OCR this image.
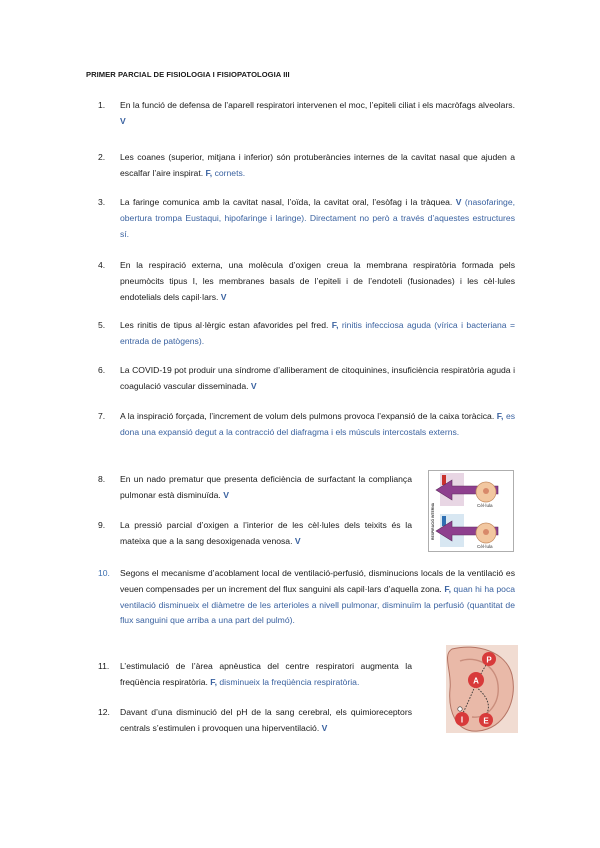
PRIMER PARCIAL DE FISIOLOGIA I FISIOPATOLOGIA III
1.	En la funció de defensa de l’aparell respiratori intervenen el moc, l’epiteli ciliat i els macròfags alveolars. V
2.	Les coanes (superior, mitjana i inferior) són protuberàncies internes de la cavitat nasal que ajuden a escalfar l’aire inspirat. F, cornets.
3.	La faringe comunica amb la cavitat nasal, l’oïda, la cavitat oral, l’esòfag i la tràquea. V (nasofaringe, obertura trompa Eustaqui, hipofaringe i laringe). Directament no però a través d’aquestes estructures sí.
4.	En la respiració externa, una molècula d’oxigen creua la membrana respiratòria formada pels pneumòcits tipus I, les membranes basals de l’epiteli i de l’endoteli (fusionades) i les cèl·lules endotelials dels capil·lars. V
5.	Les rinitis de tipus al·lèrgic estan afavorides pel fred. F, rinitis infecciosa aguda (vírica i bacteriana = entrada de patògens).
6.	La COVID-19 pot produir una síndrome d’alliberament de citoquinines, insuficiència respiratòria aguda i coagulació vascular disseminada. V
7.	A la inspiració forçada, l’increment de volum dels pulmons provoca l’expansió de la caixa toràcica. F, es dona una expansió degut a la contracció del diafragma i els músculs intercostals externs.
8.	En un nado prematur que presenta deficiència de surfactant la compliança pulmonar està disminuïda. V
9.	La pressió parcial d’oxigen a l’interior de les cèl·lules dels teixits és la mateixa que a la sang desoxigenada venosa. V
RESPIRACIÓ INTERNA	Cèl·lula
Cèl·lula
10.	Segons el mecanisme d’acoblament local de ventilació-perfusió, disminucions locals de la ventilació es veuen compensades per un increment del flux sanguini als capil·lars d’aquella zona. F, quan hi ha poca ventilació disminueix el diàmetre de les arterioles a nivell pulmonar, disminuïm la perfusió (quantitat de flux sanguini que arriba a una part del pulmó).
11.	L’estimulació de l’àrea apnèustica del centre respiratori augmenta la freqüència respiratòria. F, disminueix la freqüència respiratòria.
12.	Davant d’una disminució del pH de la sang cerebral, els quimioreceptors centrals s’estimulen i provoquen una hiperventilació. V
P
A
I	E
